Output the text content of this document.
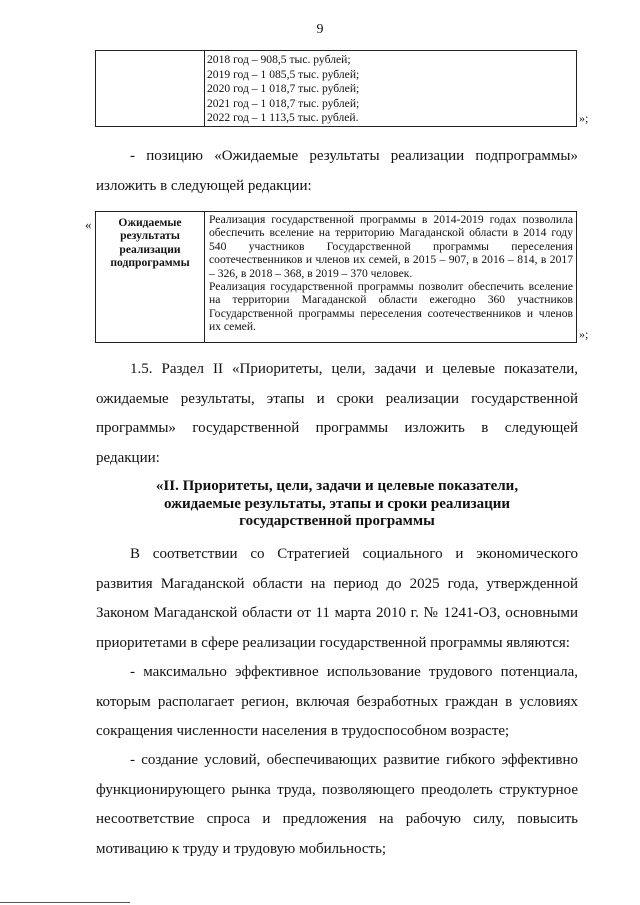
9
2018 год – 908,5 тыс. рублей;
2019 год – 1 085,5 тыс. рублей;
2020 год – 1 018,7 тыс. рублей;
2021 год – 1 018,7 тыс. рублей;
2022 год – 1 113,5 тыс. рублей.	»;
- позицию «Ожидаемые результаты реализации подпрограммы» изложить в следующей редакции:
«	Ожидаемые результаты реализации подпрограммы

Реализация государственной программы в 2014-2019 годах позволила обеспечить вселение на территорию Магаданской области в 2014 году 540 участников Государственной программы переселения соотечественников и членов их семей, в 2015 – 907, в 2016 – 814, в 2017 – 326, в 2018 – 368, в 2019 – 370 человек.

Реализация государственной программы позволит обеспечить вселение на территории Магаданской области ежегодно 360 участников Государственной программы переселения соотечественников и членов их семей.

»;
1.5. Раздел II «Приоритеты, цели, задачи и целевые показатели, ожидаемые результаты, этапы и сроки реализации государственной программы» государственной программы изложить в следующей редакции:
«II. Приоритеты, цели, задачи и целевые показатели,
ожидаемые результаты, этапы и сроки реализации
государственной программы
В соответствии со Стратегией социального и экономического развития Магаданской области на период до 2025 года, утвержденной Законом Магаданской области от 11 марта 2010 г. № 1241-ОЗ, основными приоритетами в сфере реализации государственной программы являются:
- максимально эффективное использование трудового потенциала, которым располагает регион, включая безработных граждан в условиях сокращения численности населения в трудоспособном возрасте;
- создание условий, обеспечивающих развитие гибкого эффективно функционирующего рынка труда, позволяющего преодолеть структурное несоответствие спроса и предложения на рабочую силу, повысить мотивацию к труду и трудовую мобильность;
